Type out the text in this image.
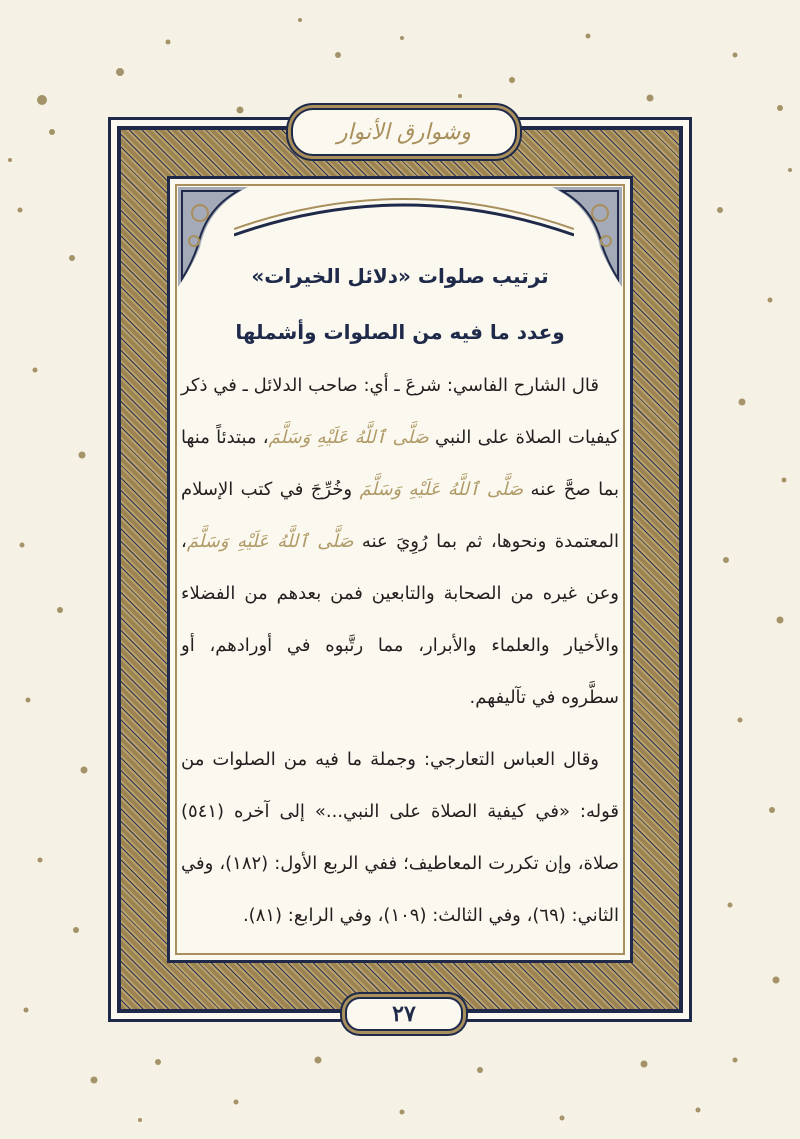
وشوارق الأنوار
٢٧

ترتيب صلوات «دلائل الخيرات»

وعدد ما فيه من الصلوات وأشملها

قال الشارح الفاسي: شرعَ ـ أي: صاحب الدلائل ـ في ذكر كيفيات الصلاة على النبي صَلَّى ٱللَّهُ عَلَيْهِ وَسَلَّمَ، مبتدئاً منها بما صحَّ عنه صَلَّى ٱللَّهُ عَلَيْهِ وَسَلَّمَ وخُرِّجَ في كتب الإسلام المعتمدة ونحوها، ثم بما رُوِيَ عنه صَلَّى ٱللَّهُ عَلَيْهِ وَسَلَّمَ، وعن غيره من الصحابة والتابعين فمن بعدهم من الفضلاء والأخيار والعلماء والأبرار، مما رتَّبوه في أورادهم، أو سطَّروه في تآليفهم.

وقال العباس التعارجي: وجملة ما فيه من الصلوات من قوله: «في كيفية الصلاة على النبي...» إلى آخره (٥٤١) صلاة، وإن تكررت المعاطيف؛ ففي الربع الأول: (١٨٢)، وفي الثاني: (٦٩)، وفي الثالث: (١٠٩)، وفي الرابع: (٨١).
